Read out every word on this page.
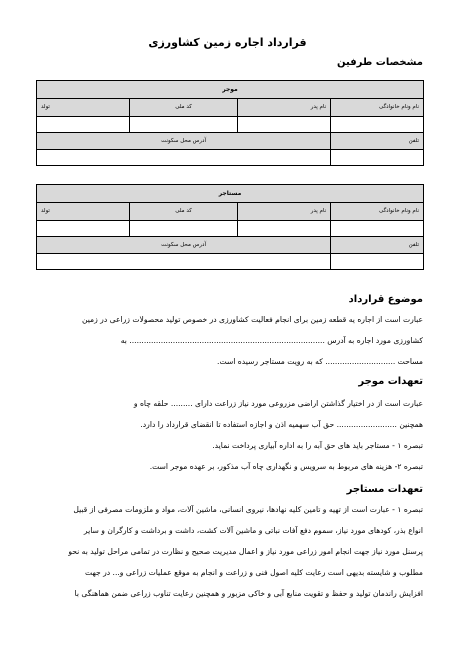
قرارداد اجاره زمین کشاورزی
مشخصات طرفین
موجر			
نام ونام خانوادگی	نام پدر	کد ملی	تولد

تلفن	آدرس محل سکونت		

مستاجر			
نام ونام خانوادگی	نام پدر	کد ملی	تولد

تلفن	آدرس محل سکونت		

موضوع قرارداد

عبارت است از اجاره یه قطعه زمین برای انجام فعالیت کشاورزی در خصوص تولید محصولات زراعی در زمین

کشاورزی مورد اجاره به آدرس ................................................................................. به

مساحت ............................. که به رویت مستاجر رسیده است.

تعهدات موجر

عبارت است از در اختیار گذاشتن اراضی مزروعی مورد نیاز زراعت دارای ......... حلقه چاه و

همچنین ......................... حق آب سهمیه اذن و اجازه استفاده تا انقضای قرارداد را دارد.

تبصره ۱ - مستاجر باید های حق آبه را به اداره آبیاری پرداخت نماید.
تبصره ۲- هزینه های مربوط به سرویس و نگهداری چاه آب مذکور، بر عهده موجر است.
تعهدات مستاجر

تبصره ۱ - عبارت است از تهیه و تامین کلیه نهادها، نیروی انسانی، ماشین آلات، مواد و ملزومات مصرفی از قبیل

انواع بذر، کودهای مورد نیاز، سموم دفع آفات نباتی و ماشین آلات کشت، داشت و برداشت و کارگران و سایر

پرسنل مورد نیاز جهت انجام امور زراعی مورد نیاز و اعمال مدیریت صحیح و نظارت در تمامی مراحل تولید به نحو

مطلوب و شایسته بدیهی است رعایت کلیه اصول فنی و زراعت و انجام به موقع عملیات زراعی و... در جهت

افزایش راندمان تولید و حفظ و تقویت منابع آبی و خاکی مزبور و همچنین رعایت تناوب زراعی ضمن هماهنگی با
